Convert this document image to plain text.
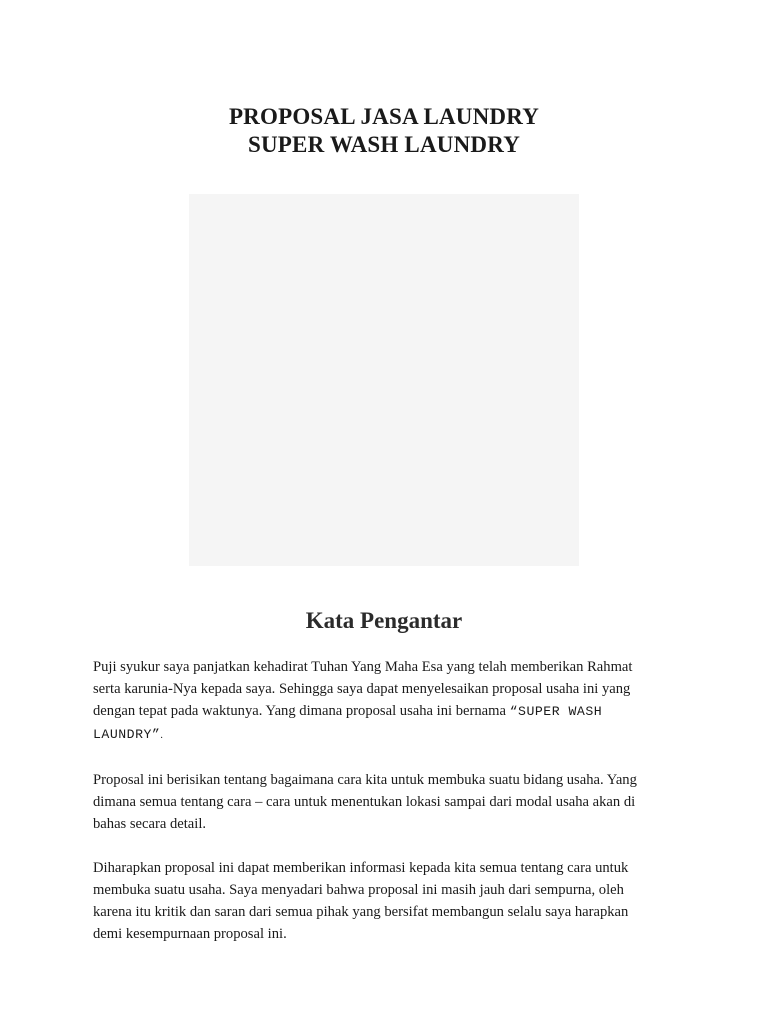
PROPOSAL JASA LAUNDRY
SUPER WASH LAUNDRY
Kata Pengantar
Puji syukur saya panjatkan kehadirat Tuhan Yang Maha Esa yang telah memberikan Rahmat
serta karunia-Nya kepada saya. Sehingga saya dapat menyelesaikan proposal usaha ini yang
dengan tepat pada waktunya. Yang dimana proposal usaha ini bernama “SUPER WASH
LAUNDRY”.
Proposal ini berisikan tentang bagaimana cara kita untuk membuka suatu bidang usaha. Yang
dimana semua tentang cara – cara untuk menentukan lokasi sampai dari modal usaha akan di
bahas secara detail.
Diharapkan proposal ini dapat memberikan informasi kepada kita semua tentang cara untuk
membuka suatu usaha. Saya menyadari bahwa proposal ini masih jauh dari sempurna, oleh
karena itu kritik dan saran dari semua pihak yang bersifat membangun selalu saya harapkan
demi kesempurnaan proposal ini.
